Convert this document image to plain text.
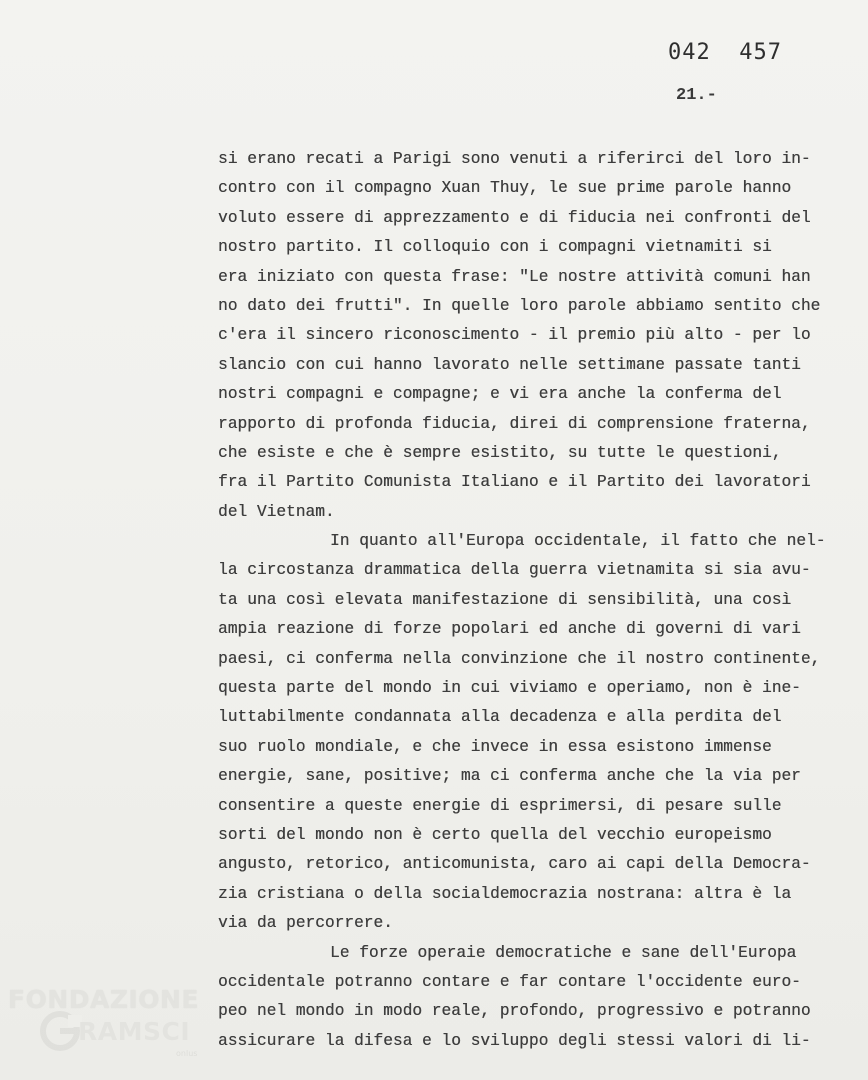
042  457
21.-
si erano recati a Parigi sono venuti a riferirci del loro in-
contro con il compagno Xuan Thuy, le sue prime parole hanno
voluto essere di apprezzamento e di fiducia nei confronti del
nostro partito. Il colloquio con i compagni vietnamiti si
era iniziato con questa frase: "Le nostre attività comuni han
no dato dei frutti". In quelle loro parole abbiamo sentito che
c'era il sincero riconoscimento - il premio più alto - per lo
slancio con cui hanno lavorato nelle settimane passate tanti
nostri compagni e compagne; e vi era anche la conferma del
rapporto di profonda fiducia, direi di comprensione fraterna,
che esiste e che è sempre esistito, su tutte le questioni,
fra il Partito Comunista Italiano e il Partito dei lavoratori
del Vietnam.
In quanto all'Europa occidentale, il fatto che nel-
la circostanza drammatica della guerra vietnamita si sia avu-
ta una così elevata manifestazione di sensibilità, una così
ampia reazione di forze popolari ed anche di governi di vari
paesi, ci conferma nella convinzione che il nostro continente,
questa parte del mondo in cui viviamo e operiamo, non è ine-
luttabilmente condannata alla decadenza e alla perdita del
suo ruolo mondiale, e che invece in essa esistono immense
energie, sane, positive; ma ci conferma anche che la via per
consentire a queste energie di esprimersi, di pesare sulle
sorti del mondo non è certo quella del vecchio europeismo
angusto, retorico, anticomunista, caro ai capi della Democra-
zia cristiana o della socialdemocrazia nostrana: altra è la
via da percorrere.
Le forze operaie democratiche e sane dell'Europa
occidentale potranno contare e far contare l'occidente euro-
peo nel mondo in modo reale, profondo, progressivo e potranno
assicurare la difesa e lo sviluppo degli stessi valori di li-
FONDAZIONE
RAMSCI
onlus
